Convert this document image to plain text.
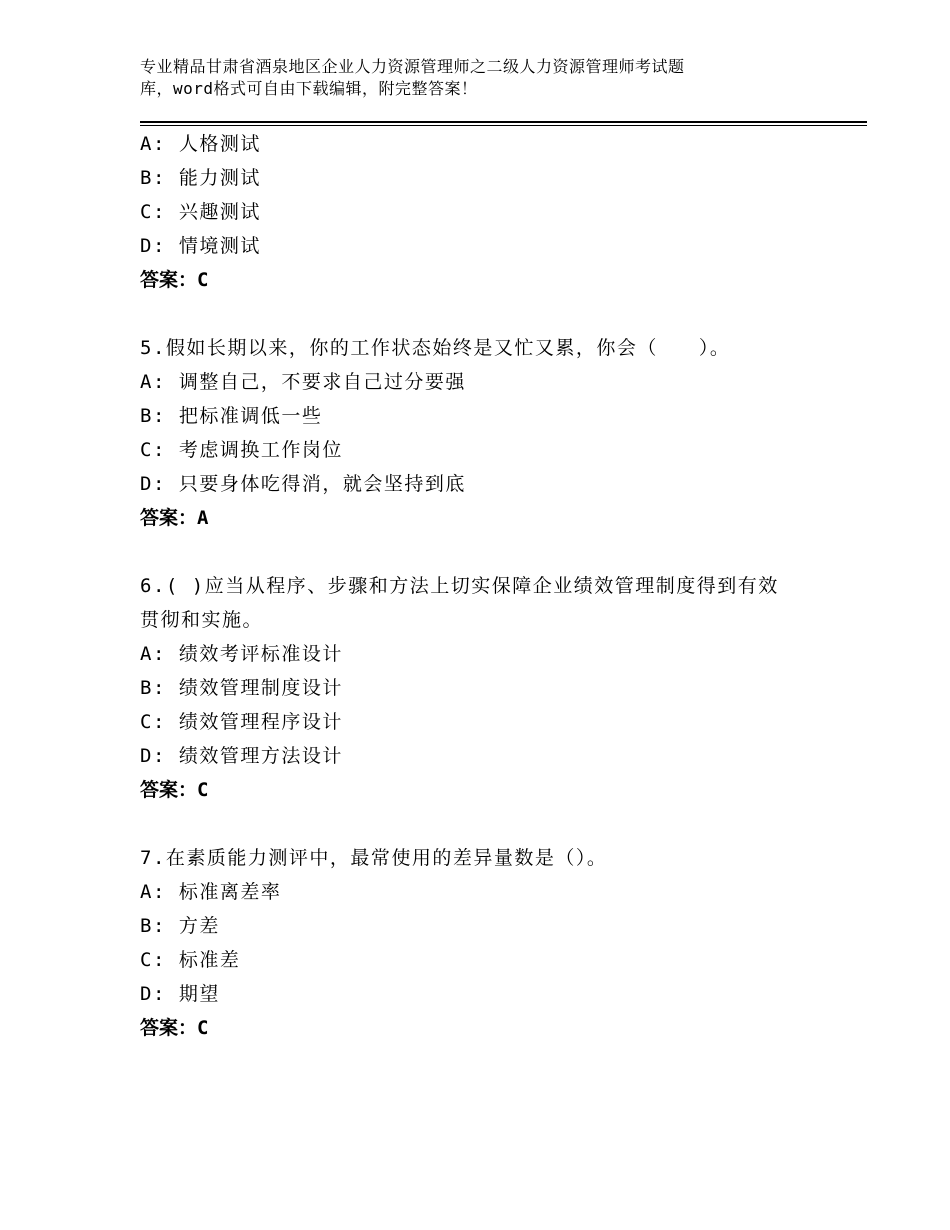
专业精品甘肃省酒泉地区企业人力资源管理师之二级人力资源管理师考试题
库，word格式可自由下载编辑，附完整答案！
A: 人格测试
B: 能力测试
C: 兴趣测试
D: 情境测试
答案：C
5.假如长期以来，你的工作状态始终是又忙又累，你会（　　）。
A: 调整自己，不要求自己过分要强
B: 把标准调低一些
C: 考虑调换工作岗位
D: 只要身体吃得消，就会坚持到底
答案：A
6.( )应当从程序、步骤和方法上切实保障企业绩效管理制度得到有效
贯彻和实施。
A: 绩效考评标准设计
B: 绩效管理制度设计
C: 绩效管理程序设计
D: 绩效管理方法设计
答案：C
7.在素质能力测评中，最常使用的差异量数是（）。
A: 标准离差率
B: 方差
C: 标准差
D: 期望
答案：C
